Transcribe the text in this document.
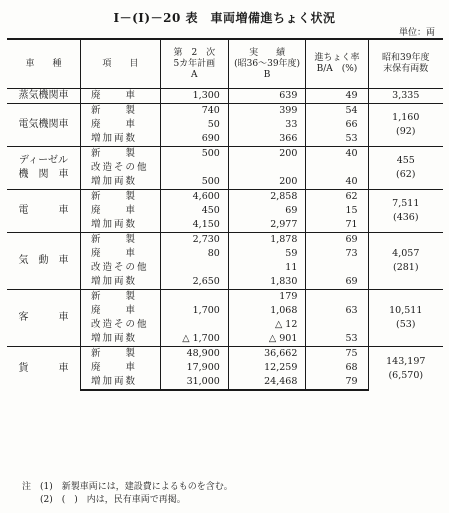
I－(I)－20 表　車両増備進ちょく状況
単位：両
車　　種	項　　目	第　2　次
5カ年計画
A	実　　績
(昭36〜39年度)
B	進ちょく率
B/A　(%)	昭和39年度
末保有両数
蒸気機関車	廃　　車	1,300	639	49	3,335
電気機関車	新　　製	740	399	54	1,160
(92)
	廃　　車	50	33	66	
	増加両数	690	366	53	
ディーゼル
機　関　車	新　　製	500	200	40	455
(62)
	改造その他				
	増加両数	500	200	40	
電　　　車	新　　製	4,600	2,858	62	7,511
(436)
	廃　　車	450	69	15	
	増加両数	4,150	2,977	71	
気　動　車	新　　製	2,730	1,878	69	4,057
(281)
	廃　　車	80	59	73	
	改造その他		11		
	増加両数	2,650	1,830	69	
客　　　車	新　　製		179		10,511
(53)
	廃　　車	1,700	1,068	63	
	改造その他		△ 12		
	増加両数	△ 1,700	△ 901	53	
貨　　　車	新　　製	48,900	36,662	75	143,197
(6,570)
	廃　　車	17,900	12,259	68	
	増加両数	31,000	24,468	79	
注　(1)　新製車両には，建設費によるものを含む。
　　(2)　(　)　内は，民有車両で再掲。
